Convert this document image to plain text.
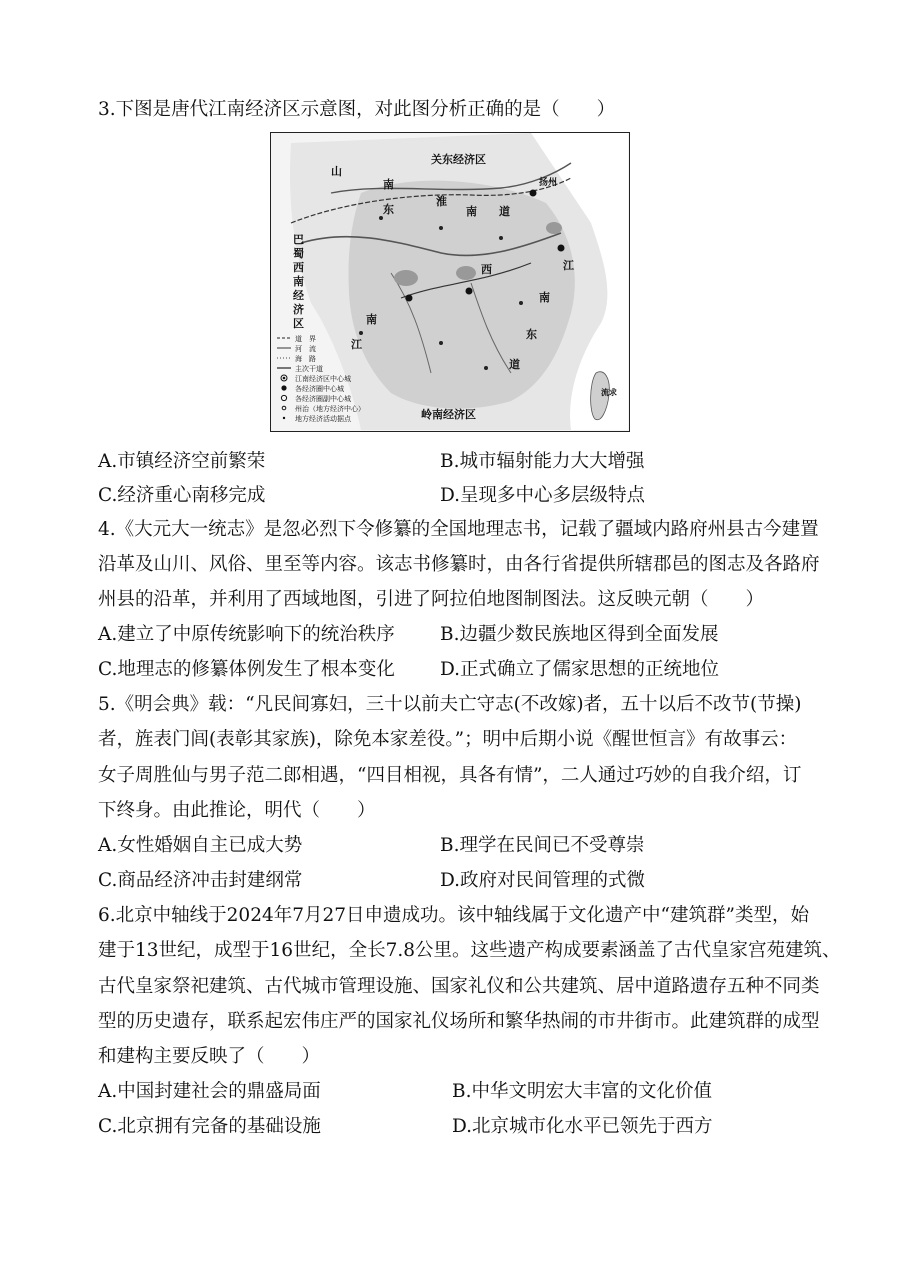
3.下图是唐代江南经济区示意图，对此图分析正确的是（　　）
关东经济区
巴
蜀
西
南
经
济
区
岭南经济区
山
南
东
淮
南 道
江
南
东
道
西
江
南
扬州
流求
道　界
河　流
海　路
主次干道
江南经济区中心城
各经济圈中心城
各经济圈副中心城
州治（地方经济中心）
地方经济活动据点
A.市镇经济空前繁荣	B.城市辐射能力大大增强
C.经济重心南移完成	D.呈现多中心多层级特点
4.《大元大一统志》是忽必烈下令修纂的全国地理志书，记载了疆域内路府州县古今建置
沿革及山川、风俗、里至等内容。该志书修纂时，由各行省提供所辖郡邑的图志及各路府
州县的沿革，并利用了西域地图，引进了阿拉伯地图制图法。这反映元朝（　　）
A.建立了中原传统影响下的统治秩序 B.边疆少数民族地区得到全面发展
C.地理志的修纂体例发生了根本变化 D.正式确立了儒家思想的正统地位
5.《明会典》载：“凡民间寡妇，三十以前夫亡守志(不改嫁)者，五十以后不改节(节操)
者，旌表门闾(表彰其家族)，除免本家差役。”；明中后期小说《醒世恒言》有故事云：
女子周胜仙与男子范二郎相遇，“四目相视，具各有情”，二人通过巧妙的自我介绍，订
下终身。由此推论，明代（　　）
A.女性婚姻自主已成大势	B.理学在民间已不受尊崇
C.商品经济冲击封建纲常	D.政府对民间管理的式微
6.北京中轴线于2024年7月27日申遗成功。该中轴线属于文化遗产中“建筑群”类型，始
建于13世纪，成型于16世纪，全长7.8公里。这些遗产构成要素涵盖了古代皇家宫苑建筑、
古代皇家祭祀建筑、古代城市管理设施、国家礼仪和公共建筑、居中道路遗存五种不同类
型的历史遗存，联系起宏伟庄严的国家礼仪场所和繁华热闹的市井街市。此建筑群的成型
和建构主要反映了（　　）
A.中国封建社会的鼎盛局面	B.中华文明宏大丰富的文化价值
C.北京拥有完备的基础设施	D.北京城市化水平已领先于西方
